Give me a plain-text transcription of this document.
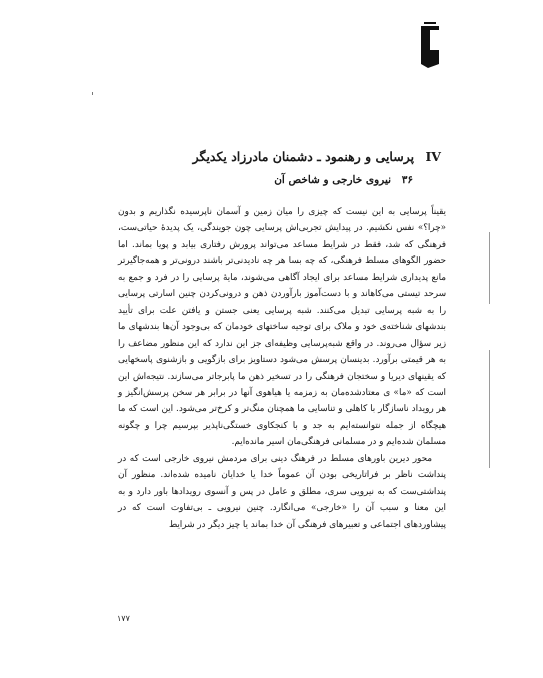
IV پرسایی و رهنمود ـ دشمنان مادرزاد یکدیگر
۳۶ نیروی خارجی و شاخص آن

یقیناً پرسایی به این نیست که چیزی را میان زمین و آسمان ناپرسیده نگذاریم و بدون «چرا؟» نفس نکشیم. در پیدایش تجربی‌اش پرسایی چون جویندگی، یک پدیدهٔ حیاتی‌ست، فرهنگی که شد، فقط در شرایط مساعد می‌تواند پرورش رفتاری بیابد و پویا بماند. اما حضور الگوهای مسلط فرهنگی، که چه بسا هر چه نادیدنی‌تر باشند درونی‌تر و همه‌جاگیرتر مانع پدیداری شرایط مساعد برای ایجاد آگاهی می‌شوند، مایهٔ پرسایی را در فرد و جمع به سرحد تیستی می‌کاهاند و با دست‌آموز بارآوردن ذهن و درونی‌کردن چنین اسارتی پرسایی را به شبه پرسایی تبدیل می‌کنند. شبه پرسایی یعنی جستن و یافتن علت برای تأیید بندشهای شناخته‌ی خود و ملاک برای توجیه ساختهای خودمان که بی‌وجود آن‌ها بندشهای ما زیر سؤال می‌روند. در واقع شبه‌پرسایی وظیفه‌ای جز این ندارد که این منظور مضاعف را به هر قیمتی برآورد. بدینسان پرسش می‌شود دستاویز برای بازگویی و بازشنوی پاسخهایی که یقینهای دیریا و سختجان فرهنگی را در تسخیر ذهن ما پابرجاتر می‌سازند. نتیجه‌اش این است که «ما» ی معتادشده‌مان به زمزمه یا هیاهوی آنها در برابر هر سخن پرسش‌انگیز و هر رویداد ناسازگار با کاهلی و تناسایی ما همچنان منگ‌تر و کرخ‌تر می‌شود. این است که ما هیچگاه از جمله نتوانسته‌ایم به جد و با کنجکاوی خستگی‌ناپذیر بپرسیم چرا و چگونه مسلمان شده‌ایم و در مسلمانی فرهنگی‌مان اسیر مانده‌ایم.

محور دیرین باورهای مسلط در فرهنگ دینی برای مردمش نیروی خارجی است که در پنداشت ناظر بر فراتاریخی بودن آن عموماً خدا یا خدایان نامیده شده‌اند. منظور آن پنداشتی‌ست که به نیرویی سری، مطلق و عامل در پس و آنسوی رویدادها باور دارد و به این معنا و سبب آن را «خارجی» می‌انگارد. چنین نیرویی ـ بی‌تفاوت است که در پیشاوردهای اجتماعی و تعبیرهای فرهنگی آن خدا بماند یا چیز دیگر در شرایط

۱۷۷
